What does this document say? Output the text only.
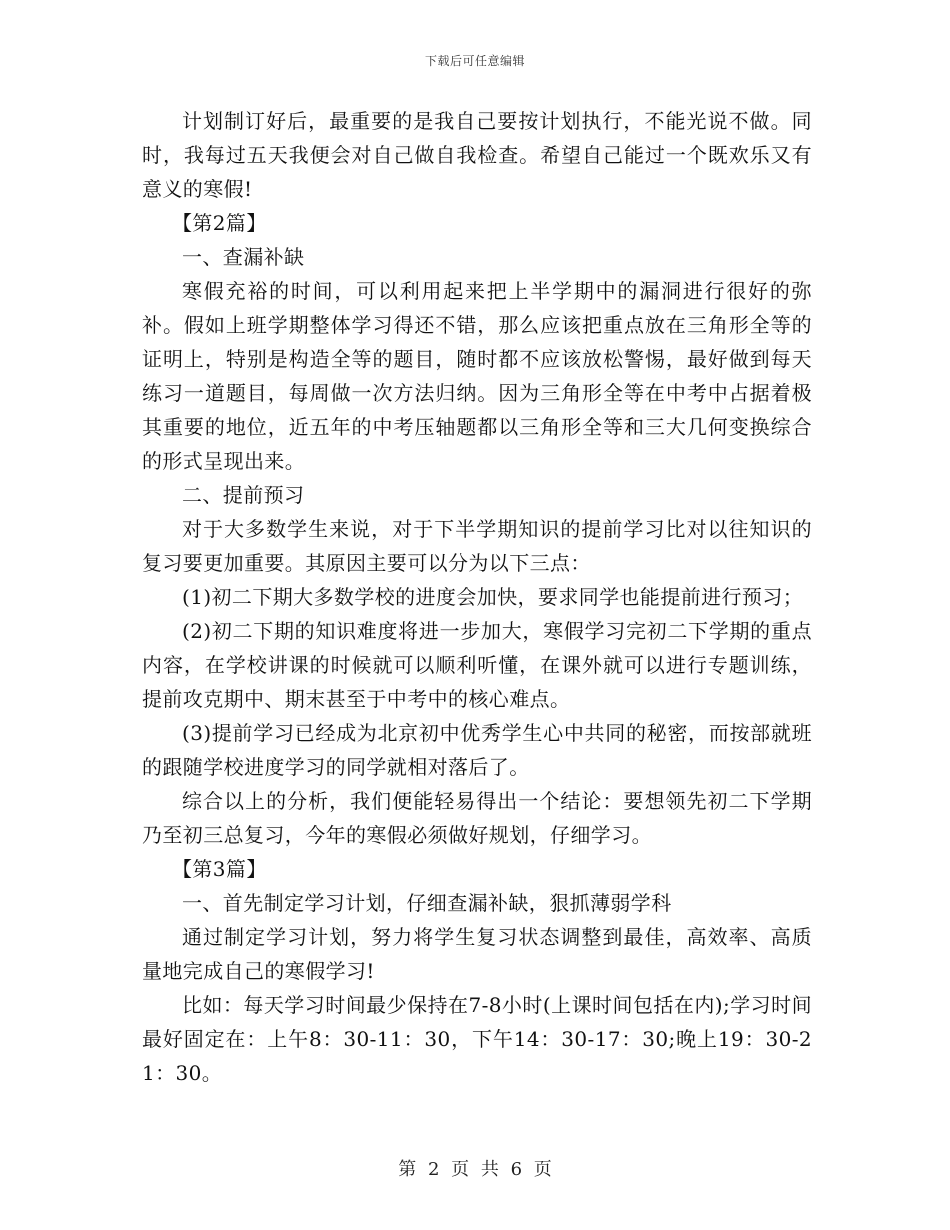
下载后可任意编辑

计划制订好后，最重要的是我自己要按计划执行，不能光说不做。同时，我每过五天我便会对自己做自我检查。希望自己能过一个既欢乐又有意义的寒假!

【第2篇】

一、查漏补缺

寒假充裕的时间，可以利用起来把上半学期中的漏洞进行很好的弥补。假如上班学期整体学习得还不错，那么应该把重点放在三角形全等的证明上，特别是构造全等的题目，随时都不应该放松警惕，最好做到每天练习一道题目，每周做一次方法归纳。因为三角形全等在中考中占据着极其重要的地位，近五年的中考压轴题都以三角形全等和三大几何变换综合的形式呈现出来。

二、提前预习

对于大多数学生来说，对于下半学期知识的提前学习比对以往知识的复习要更加重要。其原因主要可以分为以下三点：

(1)初二下期大多数学校的进度会加快，要求同学也能提前进行预习；

(2)初二下期的知识难度将进一步加大，寒假学习完初二下学期的重点内容，在学校讲课的时候就可以顺利听懂，在课外就可以进行专题训练，提前攻克期中、期末甚至于中考中的核心难点。

(3)提前学习已经成为北京初中优秀学生心中共同的秘密，而按部就班的跟随学校进度学习的同学就相对落后了。

综合以上的分析，我们便能轻易得出一个结论：要想领先初二下学期乃至初三总复习，今年的寒假必须做好规划，仔细学习。

【第3篇】

一、首先制定学习计划，仔细查漏补缺，狠抓薄弱学科

通过制定学习计划，努力将学生复习状态调整到最佳，高效率、高质量地完成自己的寒假学习!

比如：每天学习时间最少保持在7-8小时(上课时间包括在内);学习时间最好固定在：上午8：30-11：30，下午14：30-17：30;晚上19：30-21：30。

第 2 页 共 6 页
